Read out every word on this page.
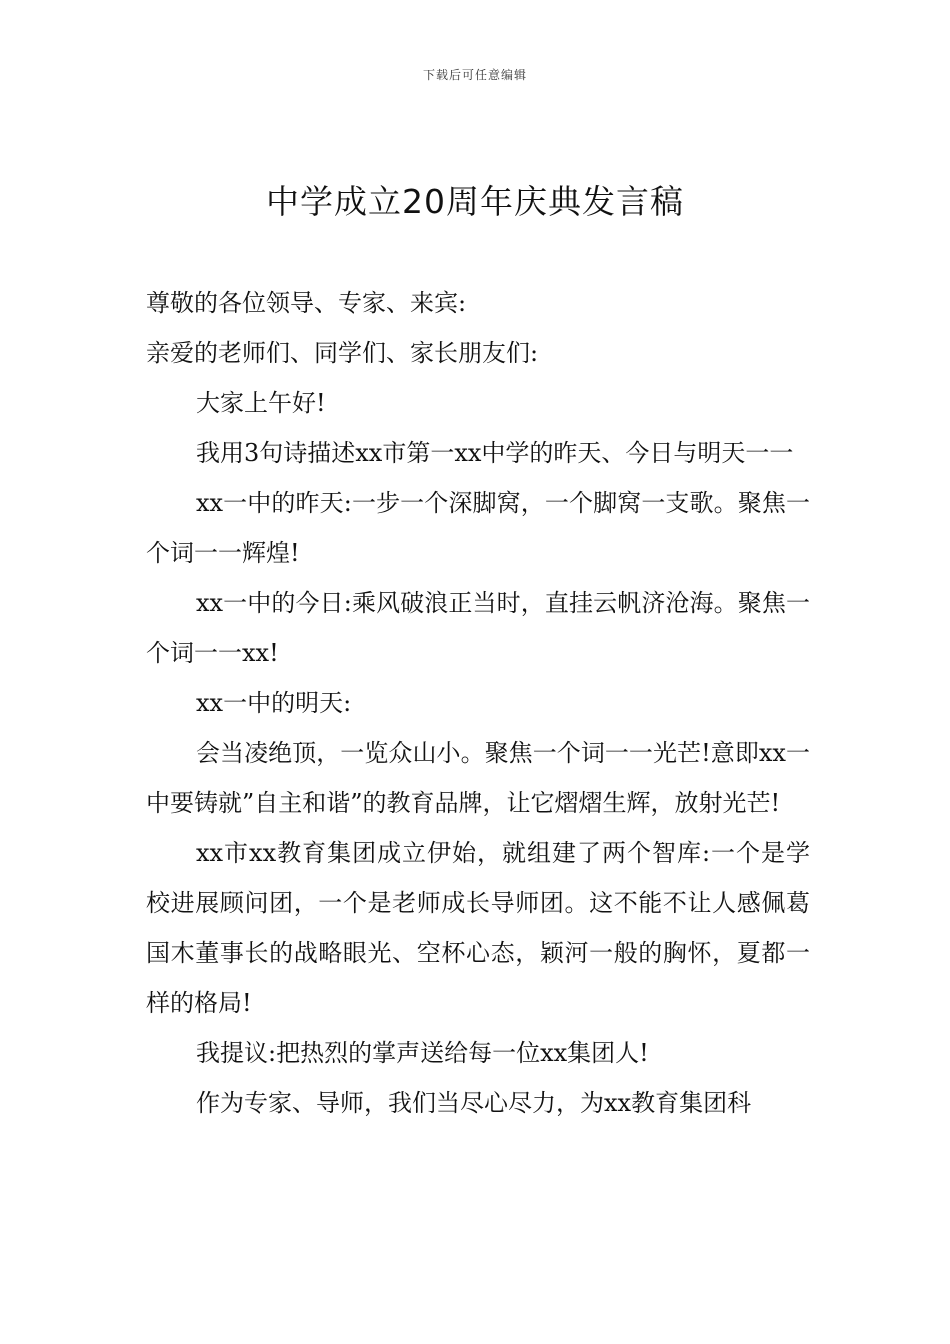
下载后可任意编辑
中学成立20周年庆典发言稿

尊敬的各位领导、专家、来宾:

亲爱的老师们、同学们、家长朋友们:

大家上午好!

我用3句诗描述xx市第一xx中学的昨天、今日与明天一一

xx一中的昨天:一步一个深脚窝，一个脚窝一支歌。聚焦一个词一一辉煌!

xx一中的今日:乘风破浪正当时，直挂云帆济沧海。聚焦一个词一一xx!

xx一中的明天:

会当凌绝顶，一览众山小。聚焦一个词一一光芒!意即xx一中要铸就”自主和谐”的教育品牌，让它熠熠生辉，放射光芒!

xx市xx教育集团成立伊始，就组建了两个智库:一个是学校进展顾问团，一个是老师成长导师团。这不能不让人感佩葛国木董事长的战略眼光、空杯心态，颖河一般的胸怀，夏都一样的格局!

我提议:把热烈的掌声送给每一位xx集团人!

作为专家、导师，我们当尽心尽力，为xx教育集团科
